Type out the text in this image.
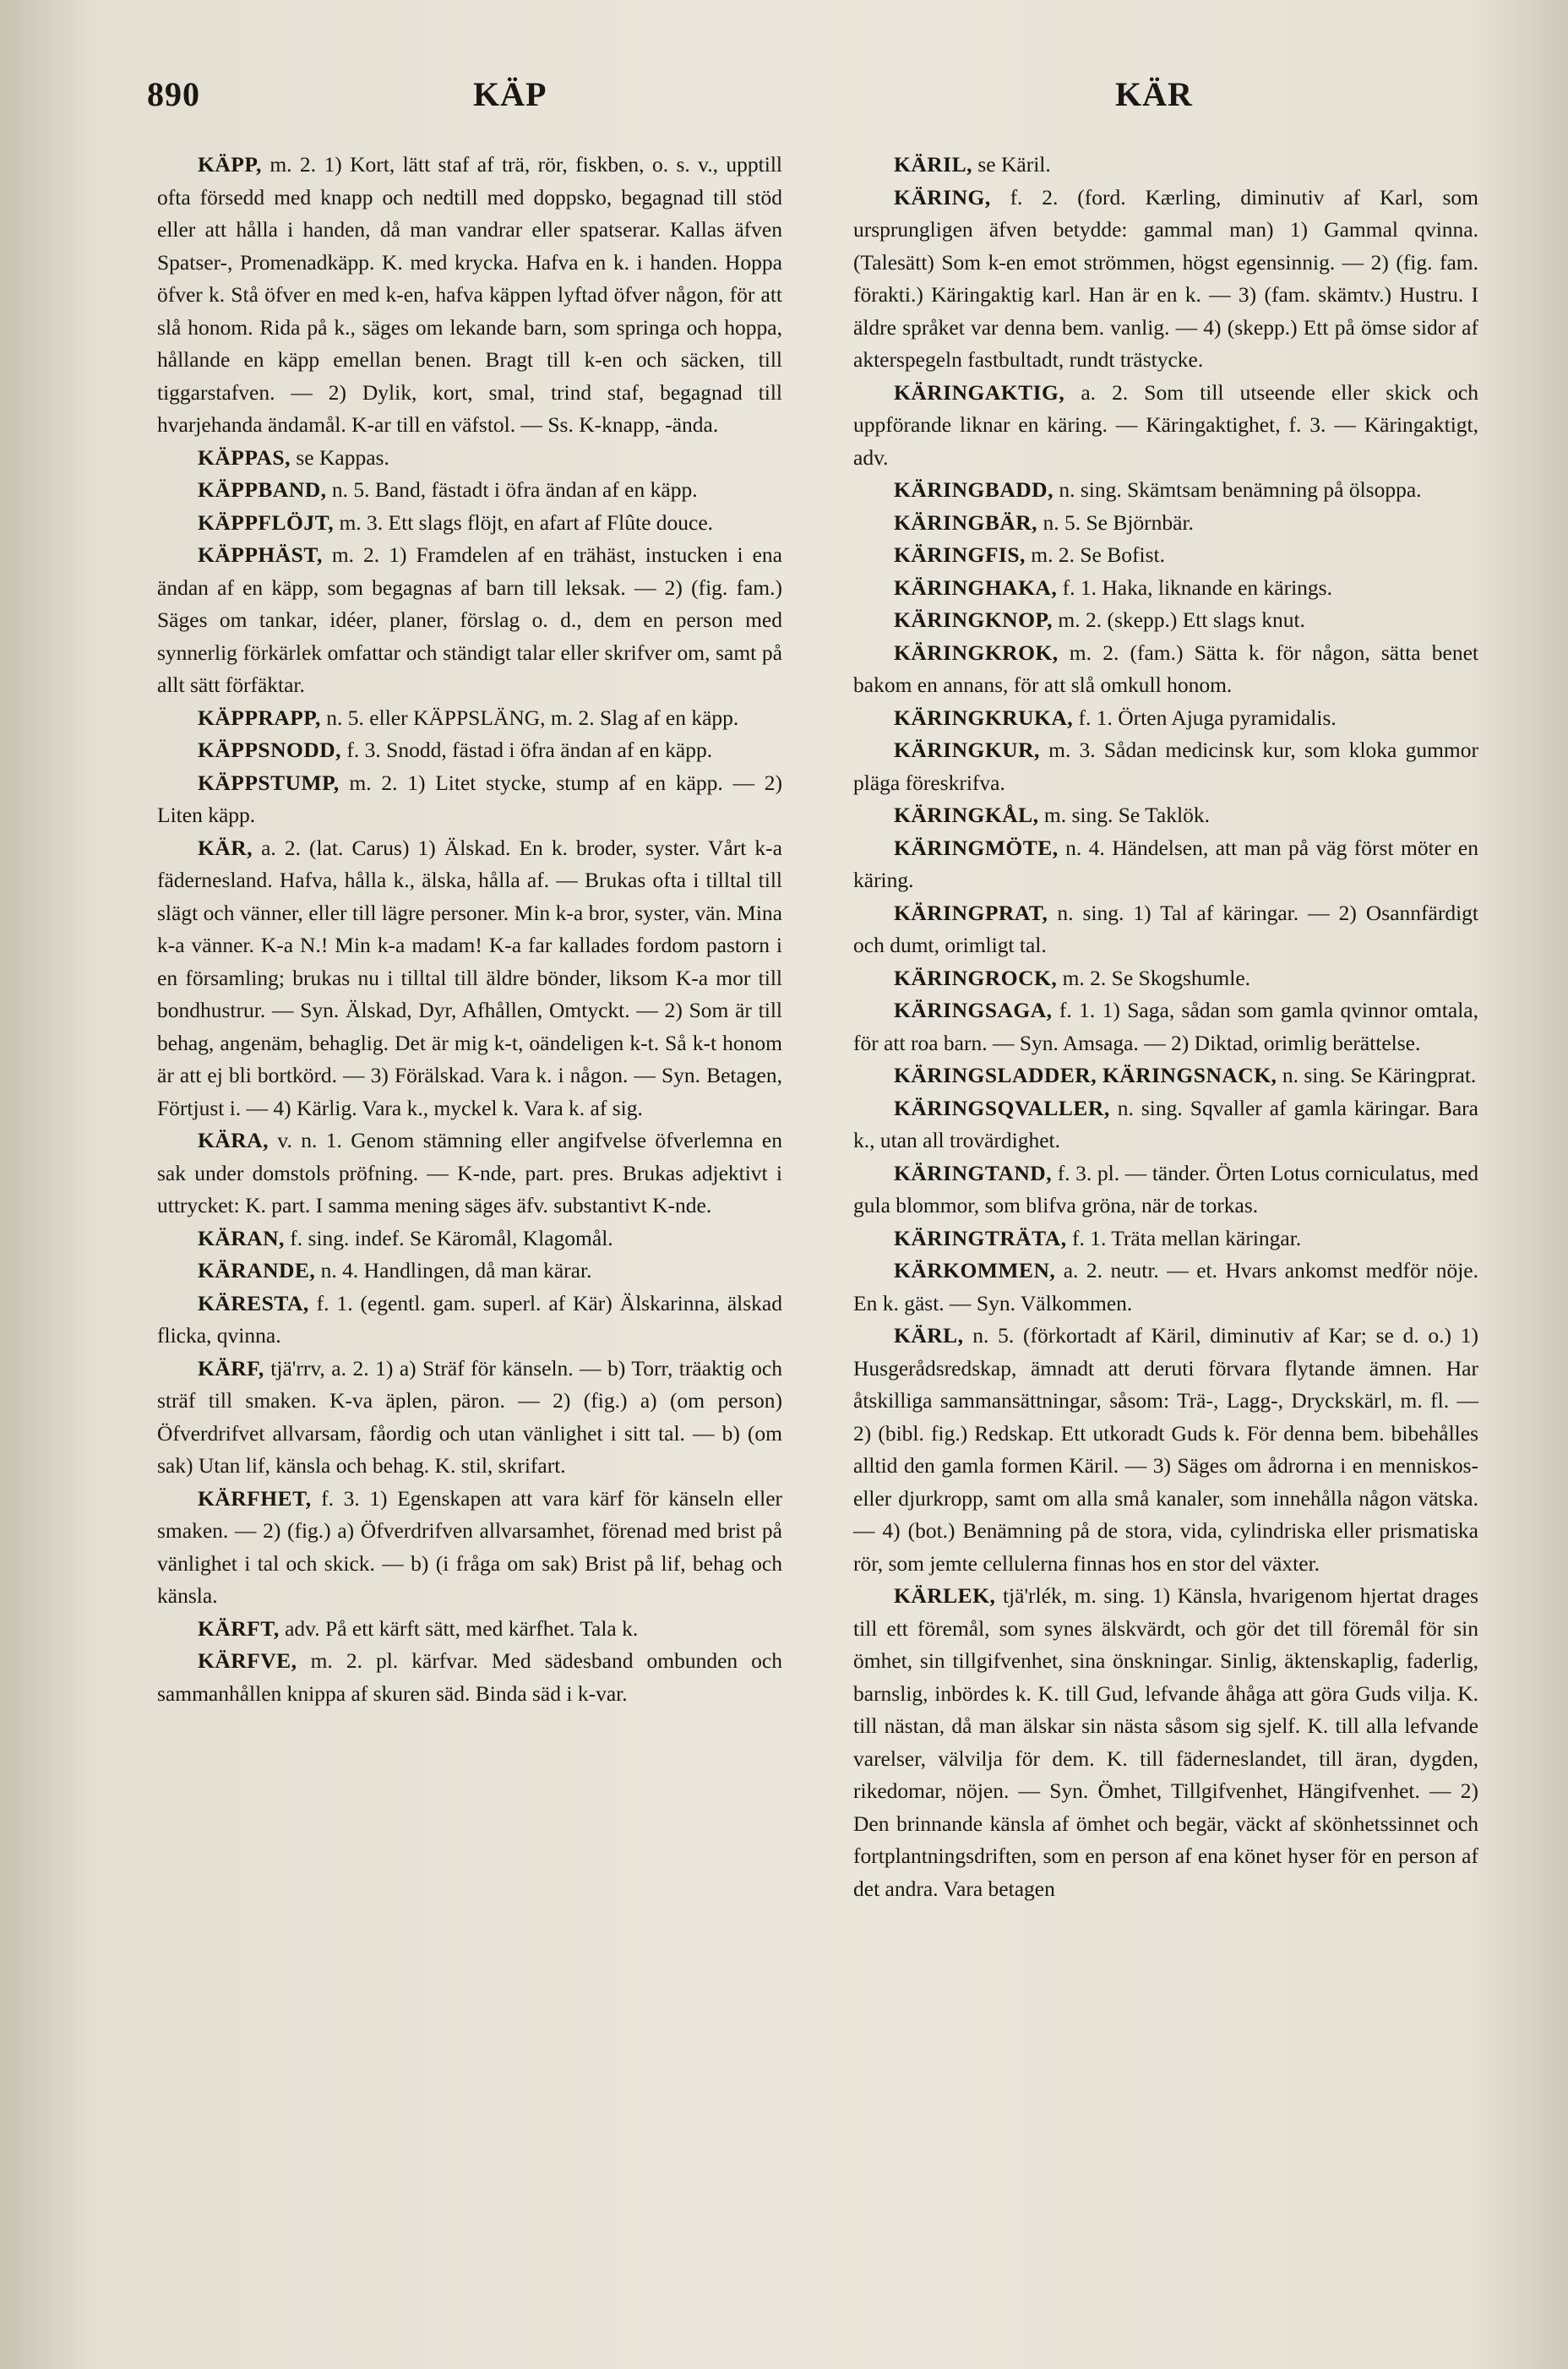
890	KÄP	KÄR

KÄPP, m. 2. 1) Kort, lätt staf af trä, rör, fiskben, o. s. v., upptill ofta försedd med knapp och nedtill med doppsko, begagnad till stöd eller att hålla i handen, då man vandrar eller spatserar. Kallas äfven Spatser-, Promenadkäpp. K. med krycka. Hafva en k. i handen. Hoppa öfver k. Stå öfver en med k-en, hafva käppen lyftad öfver någon, för att slå honom. Rida på k., säges om lekande barn, som springa och hoppa, hållande en käpp emellan benen. Bragt till k-en och säcken, till tiggarstafven. — 2) Dylik, kort, smal, trind staf, begagnad till hvarjehanda ändamål. K-ar till en väfstol. — Ss. K-knapp, -ända.

KÄPPAS, se Kappas.

KÄPPBAND, n. 5. Band, fästadt i öfra ändan af en käpp.

KÄPPFLÖJT, m. 3. Ett slags flöjt, en afart af Flûte douce.

KÄPPHÄST, m. 2. 1) Framdelen af en trähäst, instucken i ena ändan af en käpp, som begagnas af barn till leksak. — 2) (fig. fam.) Säges om tankar, idéer, planer, förslag o. d., dem en person med synnerlig förkärlek omfattar och ständigt talar eller skrifver om, samt på allt sätt förfäktar.

KÄPPRAPP, n. 5. eller KÄPPSLÄNG, m. 2. Slag af en käpp.

KÄPPSNODD, f. 3. Snodd, fästad i öfra ändan af en käpp.

KÄPPSTUMP, m. 2. 1) Litet stycke, stump af en käpp. — 2) Liten käpp.

KÄR, a. 2. (lat. Carus) 1) Älskad. En k. broder, syster. Vårt k-a fädernesland. Hafva, hålla k., älska, hålla af. — Brukas ofta i tilltal till slägt och vänner, eller till lägre personer. Min k-a bror, syster, vän. Mina k-a vänner. K-a N.! Min k-a madam! K-a far kallades fordom pastorn i en församling; brukas nu i tilltal till äldre bönder, liksom K-a mor till bondhustrur. — Syn. Älskad, Dyr, Afhållen, Omtyckt. — 2) Som är till behag, angenäm, behaglig. Det är mig k-t, oändeligen k-t. Så k-t honom är att ej bli bortkörd. — 3) Förälskad. Vara k. i någon. — Syn. Betagen, Förtjust i. — 4) Kärlig. Vara k., myckel k. Vara k. af sig.

KÄRA, v. n. 1. Genom stämning eller angifvelse öfverlemna en sak under domstols pröfning. — K-nde, part. pres. Brukas adjektivt i uttrycket: K. part. I samma mening säges äfv. substantivt K-nde.

KÄRAN, f. sing. indef. Se Käromål, Klagomål.

KÄRANDE, n. 4. Handlingen, då man kärar.

KÄRESTA, f. 1. (egentl. gam. superl. af Kär) Älskarinna, älskad flicka, qvinna.

KÄRF, tjä'rrv, a. 2. 1) a) Sträf för känseln. — b) Torr, träaktig och sträf till smaken. K-va äplen, päron. — 2) (fig.) a) (om person) Öfverdrifvet allvarsam, fåordig och utan vänlighet i sitt tal. — b) (om sak) Utan lif, känsla och behag. K. stil, skrifart.

KÄRFHET, f. 3. 1) Egenskapen att vara kärf för känseln eller smaken. — 2) (fig.) a) Öfverdrifven allvarsamhet, förenad med brist på vänlighet i tal och skick. — b) (i fråga om sak) Brist på lif, behag och känsla.

KÄRFT, adv. På ett kärft sätt, med kärfhet. Tala k.

KÄRFVE, m. 2. pl. kärfvar. Med sädesband ombunden och sammanhållen knippa af skuren säd. Binda säd i k-var.

KÄRIL, se Käril.

KÄRING, f. 2. (ford. Kærling, diminutiv af Karl, som ursprungligen äfven betydde: gammal man) 1) Gammal qvinna. (Talesätt) Som k-en emot strömmen, högst egensinnig. — 2) (fig. fam. förakti.) Käringaktig karl. Han är en k. — 3) (fam. skämtv.) Hustru. I äldre språket var denna bem. vanlig. — 4) (skepp.) Ett på ömse sidor af akterspegeln fastbultadt, rundt trästycke.

KÄRINGAKTIG, a. 2. Som till utseende eller skick och uppförande liknar en käring. — Käringaktighet, f. 3. — Käringaktigt, adv.

KÄRINGBADD, n. sing. Skämtsam benämning på ölsoppa.

KÄRINGBÄR, n. 5. Se Björnbär.

KÄRINGFIS, m. 2. Se Bofist.

KÄRINGHAKA, f. 1. Haka, liknande en kärings.

KÄRINGKNOP, m. 2. (skepp.) Ett slags knut.

KÄRINGKROK, m. 2. (fam.) Sätta k. för någon, sätta benet bakom en annans, för att slå omkull honom.

KÄRINGKRUKA, f. 1. Örten Ajuga pyramidalis.

KÄRINGKUR, m. 3. Sådan medicinsk kur, som kloka gummor pläga föreskrifva.

KÄRINGKÅL, m. sing. Se Taklök.

KÄRINGMÖTE, n. 4. Händelsen, att man på väg först möter en käring.

KÄRINGPRAT, n. sing. 1) Tal af käringar. — 2) Osannfärdigt och dumt, orimligt tal.

KÄRINGROCK, m. 2. Se Skogshumle.

KÄRINGSAGA, f. 1. 1) Saga, sådan som gamla qvinnor omtala, för att roa barn. — Syn. Amsaga. — 2) Diktad, orimlig berättelse.

KÄRINGSLADDER, KÄRINGSNACK, n. sing. Se Käringprat.

KÄRINGSQVALLER, n. sing. Sqvaller af gamla käringar. Bara k., utan all trovärdighet.

KÄRINGTAND, f. 3. pl. — tänder. Örten Lotus corniculatus, med gula blommor, som blifva gröna, när de torkas.

KÄRINGTRÄTA, f. 1. Träta mellan käringar.

KÄRKOMMEN, a. 2. neutr. — et. Hvars ankomst medför nöje. En k. gäst. — Syn. Välkommen.

KÄRL, n. 5. (förkortadt af Käril, diminutiv af Kar; se d. o.) 1) Husgerådsredskap, ämnadt att deruti förvara flytande ämnen. Har åtskilliga sammansättningar, såsom: Trä-, Lagg-, Dryckskärl, m. fl. — 2) (bibl. fig.) Redskap. Ett utkoradt Guds k. För denna bem. bibehålles alltid den gamla formen Käril. — 3) Säges om ådrorna i en menniskos- eller djurkropp, samt om alla små kanaler, som innehålla någon vätska. — 4) (bot.) Benämning på de stora, vida, cylindriska eller prismatiska rör, som jemte cellulerna finnas hos en stor del växter.

KÄRLEK, tjä'rlék, m. sing. 1) Känsla, hvarigenom hjertat drages till ett föremål, som synes älskvärdt, och gör det till föremål för sin ömhet, sin tillgifvenhet, sina önskningar. Sinlig, äktenskaplig, faderlig, barnslig, inbördes k. K. till Gud, lefvande åhåga att göra Guds vilja. K. till nästan, då man älskar sin nästa såsom sig sjelf. K. till alla lefvande varelser, välvilja för dem. K. till fäderneslandet, till äran, dygden, rikedomar, nöjen. — Syn. Ömhet, Tillgifvenhet, Hängifvenhet. — 2) Den brinnande känsla af ömhet och begär, väckt af skönhetssinnet och fortplantningsdriften, som en person af ena könet hyser för en person af det andra. Vara betagen
